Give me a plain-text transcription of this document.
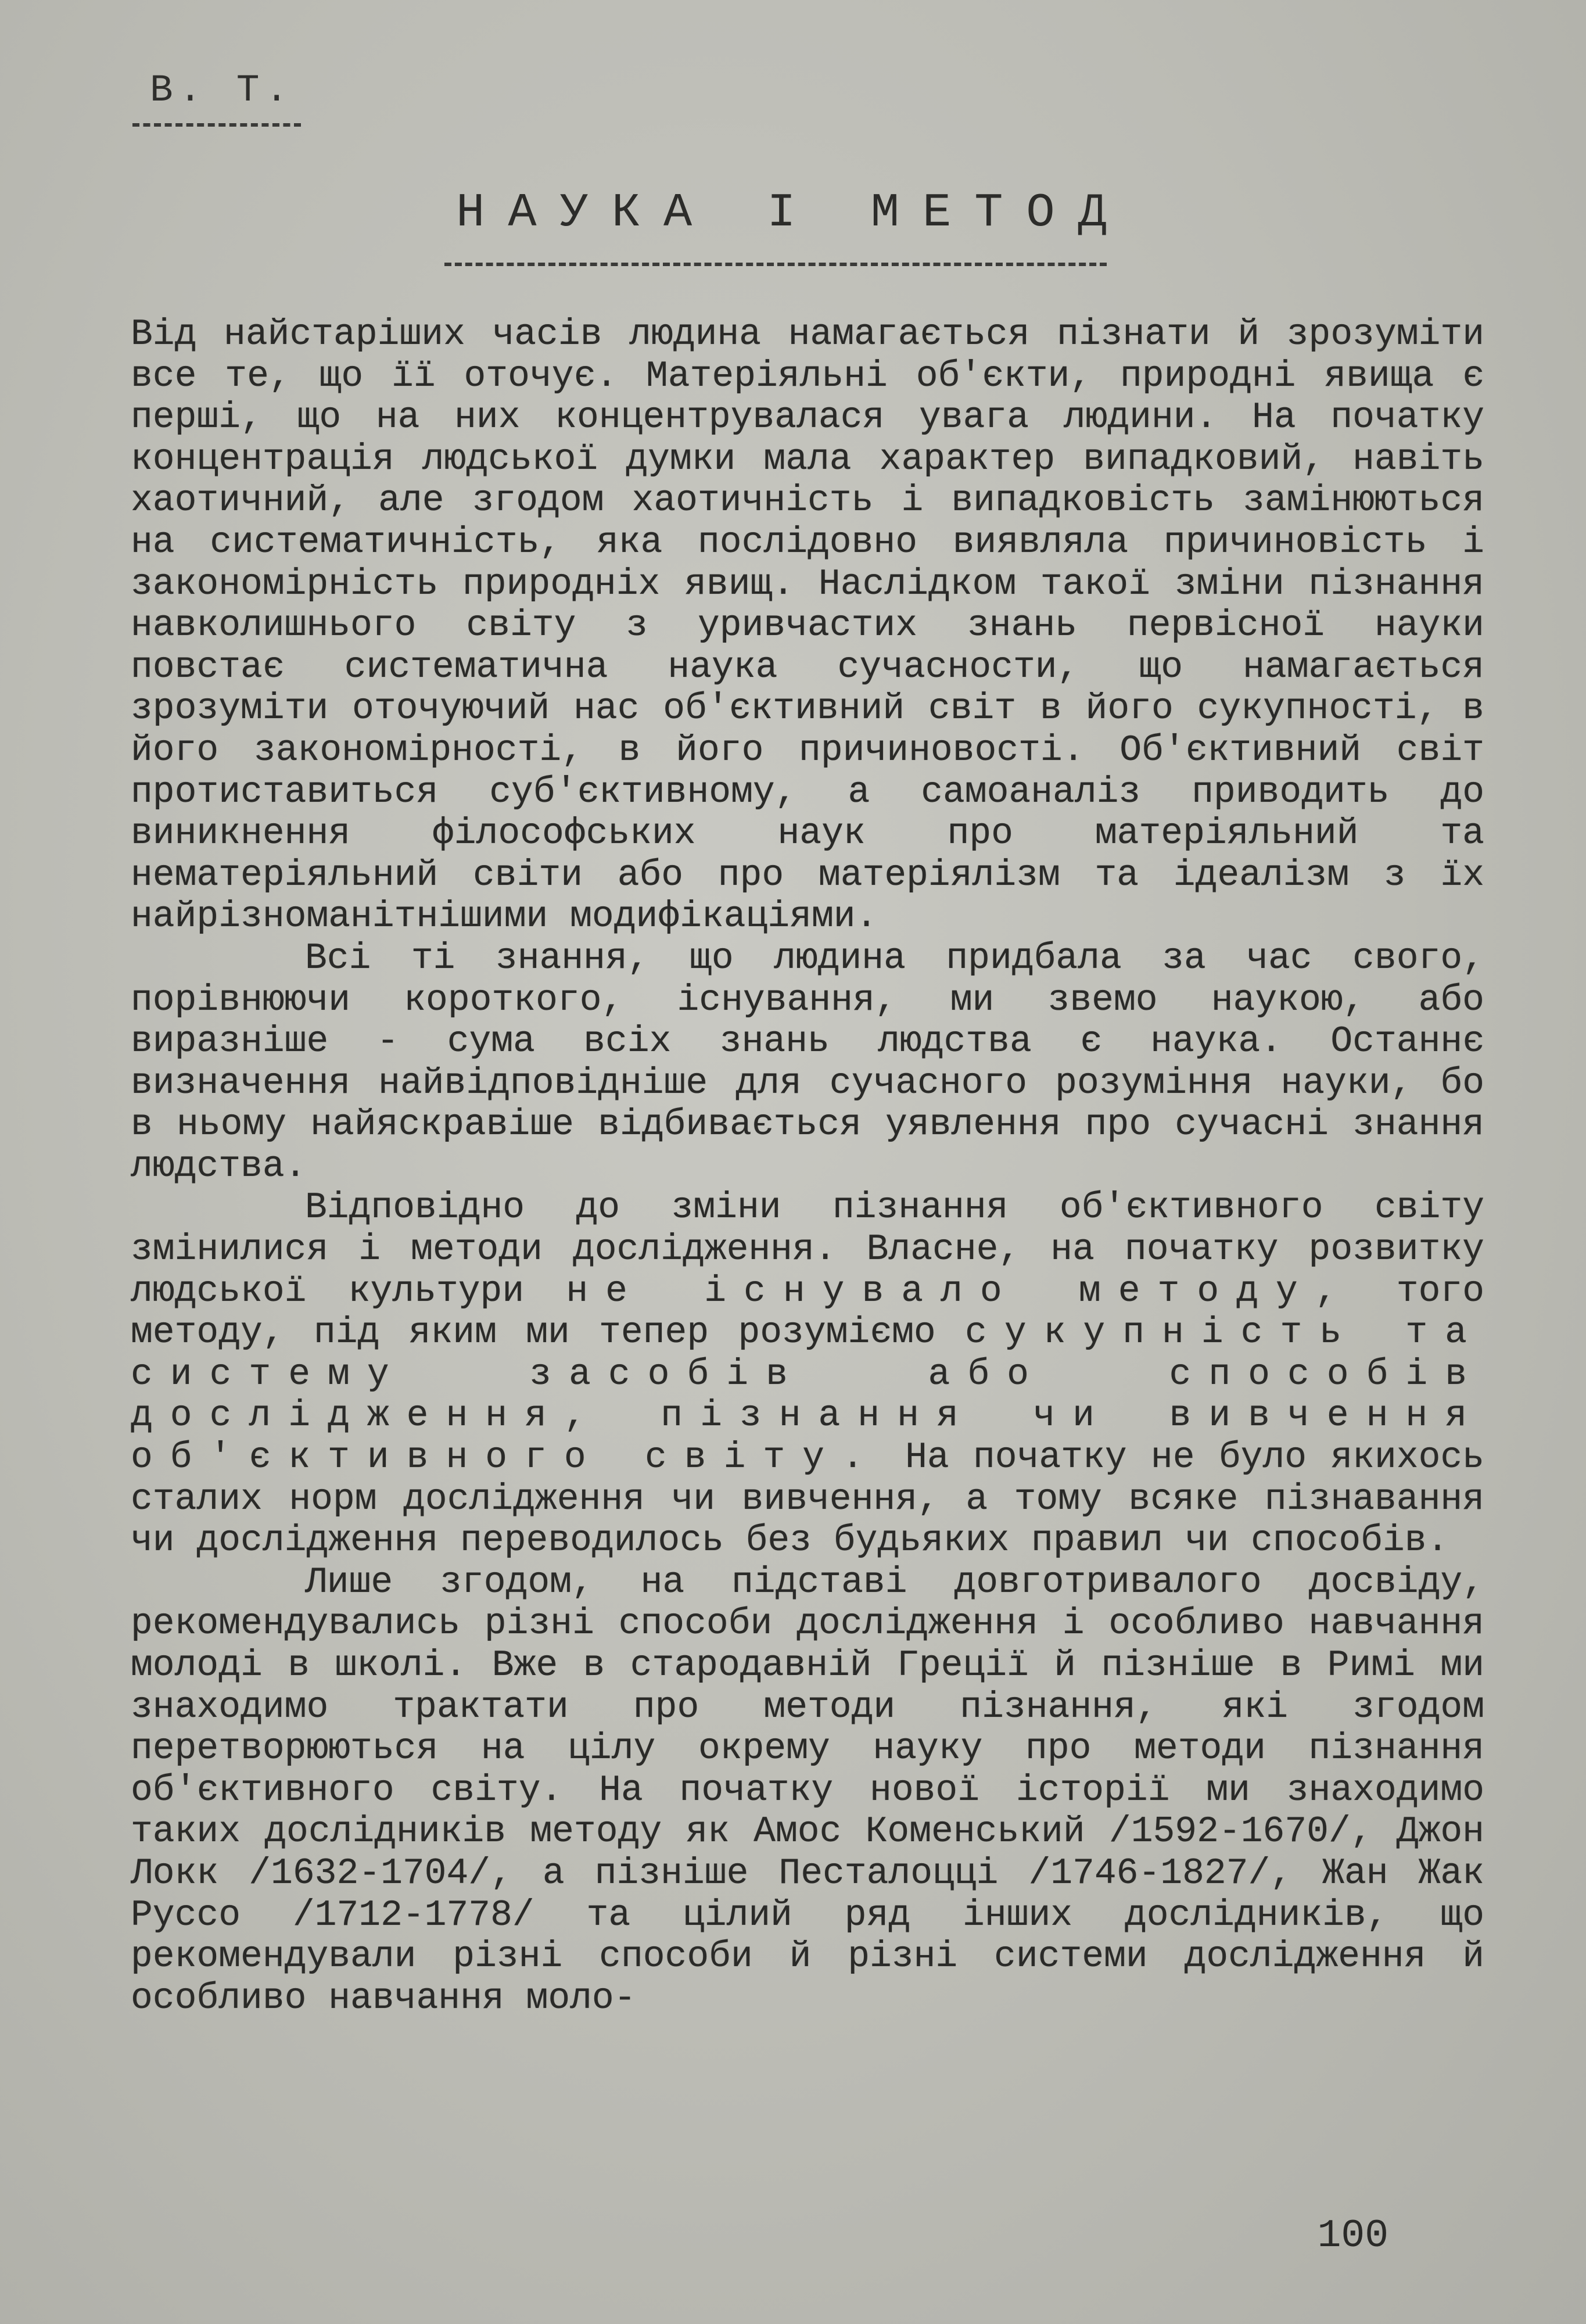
В. Т.
НАУКА І МЕТОД

Від найстаріших часів людина намагається пізнати й зрозуміти все те, що її оточує. Матеріяльні об'єкти, природні явища є перші, що на них концентрувалася увага людини. На початку концентрація людської думки мала характер випадковий, навіть хаотичний, але згодом хаотичність і випадковість замінюються на систематичність, яка послідовно виявляла причиновість і закономірність природніх явищ. Наслідком такої зміни пізнання навколишнього світу з уривчастих знань первісної науки повстає систематична наука сучасности, що намагається зрозуміти оточуючий нас об'єктивний світ в його сукупності, в його закономірності, в його причиновості. Об'єктивний світ протиставиться суб'єктивному, а самоаналіз приводить до виникнення філософських наук про матеріяльний та нематеріяльний світи або про матеріялізм та ідеалізм з їх найрізноманітнішими модифікаціями.

Всі ті знання, що людина придбала за час свого, порівнюючи короткого, існування, ми звемо наукою, або виразніше - сума всіх знань людства є наука. Останнє визначення найвідповідніше для сучасного розуміння науки, бо в ньому найяскравіше відбивається уявлення про сучасні знання людства.

Відповідно до зміни пізнання об'єктивного світу змінилися і методи дослідження. Власне, на початку розвитку людської культури не існувало методу, того методу, під яким ми тепер розуміємо сукупність та систему засобів або способів дослідження, пізнання чи вивчення об'єктивного світу. На початку не було якихось сталих норм дослідження чи вивчення, а тому всяке пізнавання чи дослідження переводилось без будьяких правил чи способів.

Лише згодом, на підставі довготривалого досвіду, рекомендувались різні способи дослідження і особливо навчання молоді в школі. Вже в стародавній Греції й пізніше в Римі ми знаходимо трактати про методи пізнання, які згодом перетворюються на цілу окрему науку про методи пізнання об'єктивного світу. На початку нової історії ми знаходимо таких дослідників методу як Амос Коменський /1592-1670/, Джон Локк /1632-1704/, а пізніше Песталоцці /1746-1827/, Жан Жак Руссо /1712-1778/ та цілий ряд інших дослідників, що рекомендували різні способи й різні системи дослідження й особливо навчання моло-

100
